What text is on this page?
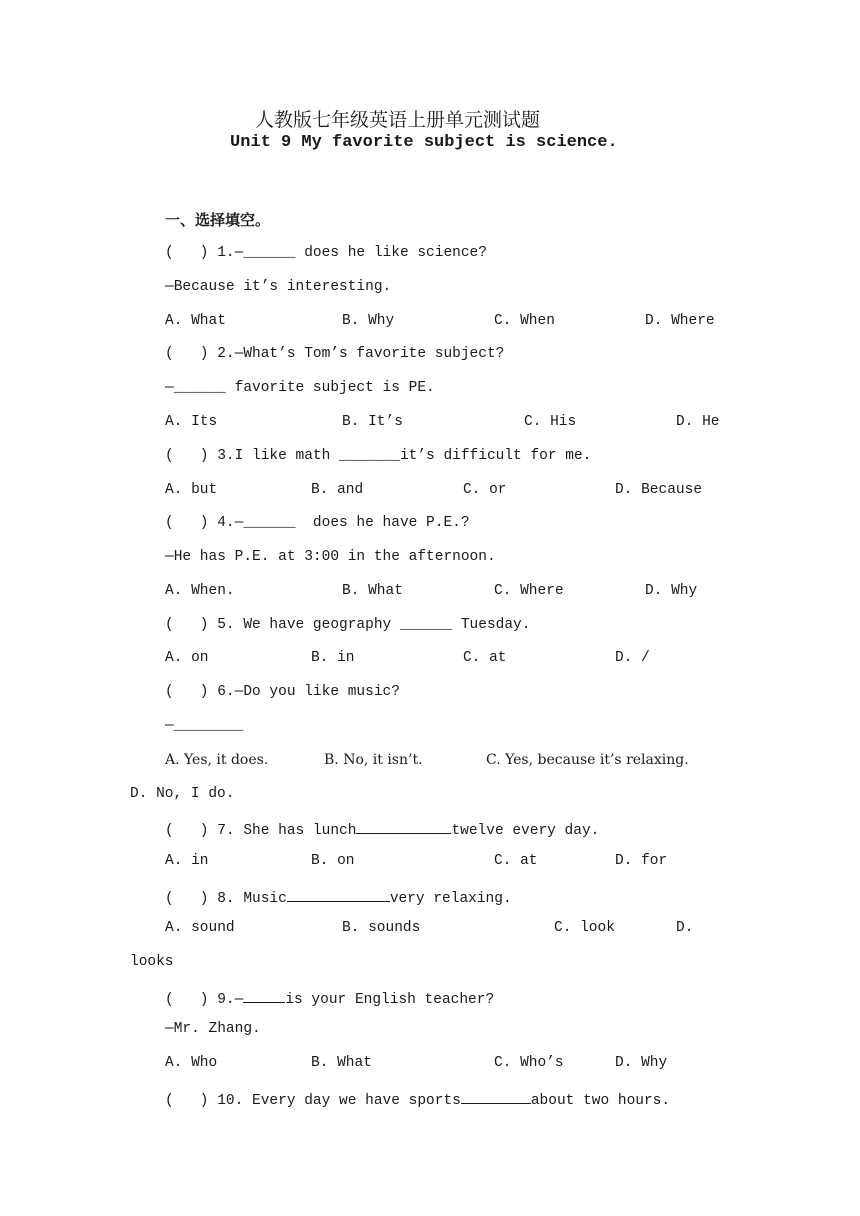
人教版七年级英语上册单元测试题
Unit 9 My favorite subject is science.
一、选择填空。
(   ) 1.—______ does he like science?
—Because it’s interesting.
A. What	B. Why	C. When	D. Where
(   ) 2.—What’s Tom’s favorite subject?
—______ favorite subject is PE.
A. Its	B. It’s	C. His	D. He
(   ) 3.I like math _______it’s difficult for me.
A. but	B. and	C. or	D. Because
(   ) 4.—______  does he have P.E.?
—He has P.E. at 3:00 in the afternoon.
A. When.	B. What	C. Where	D. Why
(   ) 5. We have geography ______ Tuesday.
A. on	B. in	C. at	D. /
(   ) 6.—Do you like music?
—________
A. Yes, it does.	B. No, it isn’t.	C. Yes, because it’s relaxing.
D. No, I do.
(   ) 7. She has lunch	twelve every day.
A. in	B. on	C. at	D. for
(   ) 8. Music	very relaxing.
A. sound	B. sounds	C. look	D.
looks
(   ) 9.—	is your English teacher?
—Mr. Zhang.
A. Who	B. What	C. Who’s	D. Why
(   ) 10. Every day we have sports	about two hours.
